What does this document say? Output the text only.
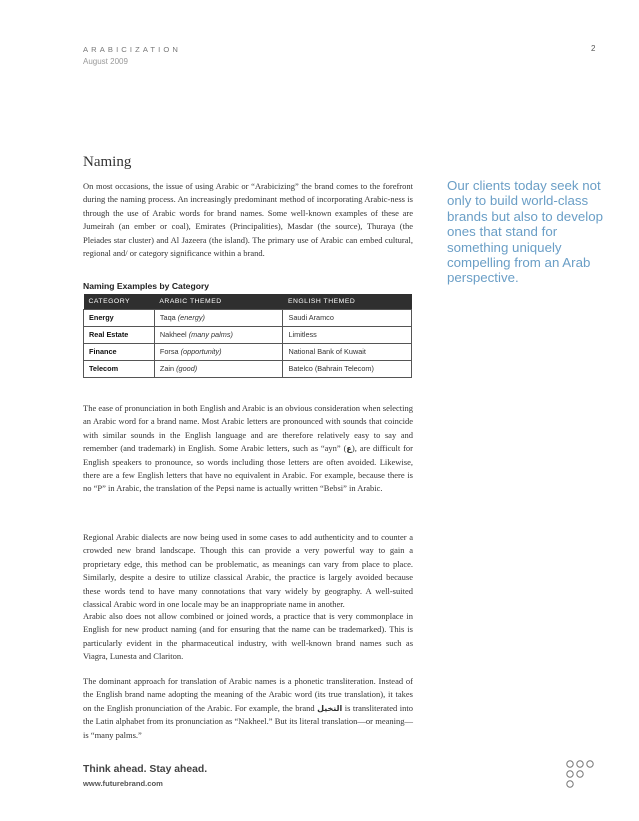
ARABICIZATION
August 2009
2
Naming

On most occasions, the issue of using Arabic or “Arabicizing” the brand comes to the forefront during the naming process. An increasingly predominant method of incorporating Arabic-ness is through the use of Arabic words for brand names. Some well-known examples of these are Jumeirah (an ember or coal), Emirates (Principalities), Masdar (the source), Thuraya (the Pleiades star cluster) and Al Jazeera (the island). The primary use of Arabic can embed cultural, regional and/ or category significance within a brand.

Naming Examples by Category
CATEGORY	ARABIC THEMED	ENGLISH THEMED
Energy	Taqa (energy)	Saudi Aramco
Real Estate	Nakheel (many palms)	Limitless
Finance	Forsa (opportunity)	National Bank of Kuwait
Telecom	Zain (good)	Batelco (Bahrain Telecom)

The ease of pronunciation in both English and Arabic is an obvious consideration when selecting an Arabic word for a brand name. Most Arabic letters are pronounced with sounds that coincide with similar sounds in the English language and are therefore relatively easy to say and remember (and trademark) in English. Some Arabic letters, such as “ayn” (ع), are difficult for English speakers to pronounce, so words including those letters are often avoided. Likewise, there are a few English letters that have no equivalent in Arabic. For example, because there is no “P” in Arabic, the translation of the Pepsi name is actually written “Bebsi” in Arabic.

Regional Arabic dialects are now being used in some cases to add authenticity and to counter a crowded new brand landscape. Though this can provide a very powerful way to gain a proprietary edge, this method can be problematic, as meanings can vary from place to place. Similarly, despite a desire to utilize classical Arabic, the practice is largely avoided because these words tend to have many connotations that vary widely by geography. A well-suited classical Arabic word in one locale may be an inappropriate name in another.

Arabic also does not allow combined or joined words, a practice that is very commonplace in English for new product naming (and for ensuring that the name can be trademarked). This is particularly evident in the pharmaceutical industry, with well-known brand names such as Viagra, Lunesta and Clariton.

The dominant approach for translation of Arabic names is a phonetic transliteration. Instead of the English brand name adopting the meaning of the Arabic word (its true translation), it takes on the English pronunciation of the Arabic. For example, the brand النخيل is transliterated into the Latin alphabet from its pronunciation as “Nakheel.” But its literal translation—or meaning—is “many palms.”

Our clients today seek not only to build world-class brands but also to develop ones that stand for something uniquely compelling from an Arab perspective.
Think ahead. Stay ahead.
www.futurebrand.com
